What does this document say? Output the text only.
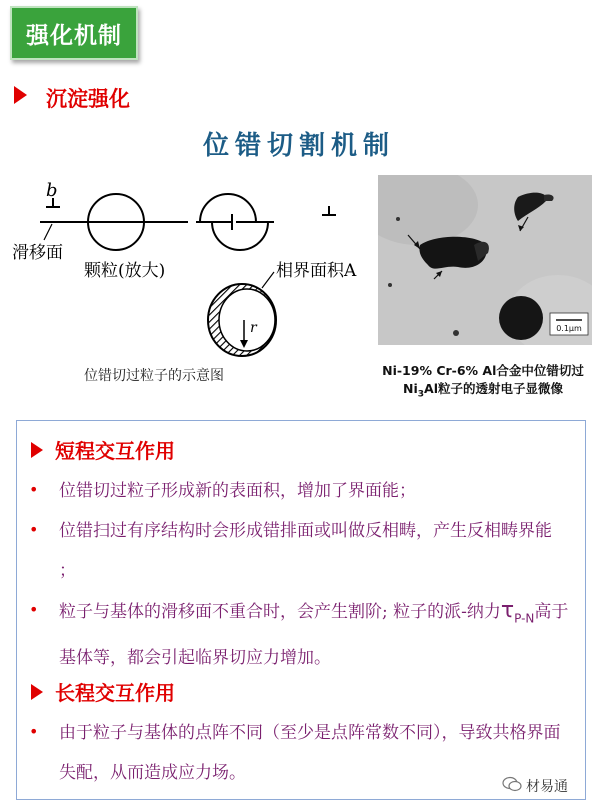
强化机制
沉淀强化
位错切割机制
b
滑移面
颗粒(放大)
r
相界面积A
位错切过粒子的示意图
0.1μm
Ni-19% Cr-6% Al合金中位错切过
$Ni_3Al$粒子的透射电子显微像
短程交互作用
• 位错切过粒子形成新的表面积，增加了界面能；
• 位错扫过有序结构时会形成错排面或叫做反相畴，产生反相畴界能 ；
• 粒子与基体的滑移面不重合时，会产生割阶; 粒子的派-纳力$\tau_{P-N}$高于基体等，都会引起临界切应力增加。
长程交互作用
• 由于粒子与基体的点阵不同（至少是点阵常数不同），导致共格界面失配，从而造成应力场。
材易通
